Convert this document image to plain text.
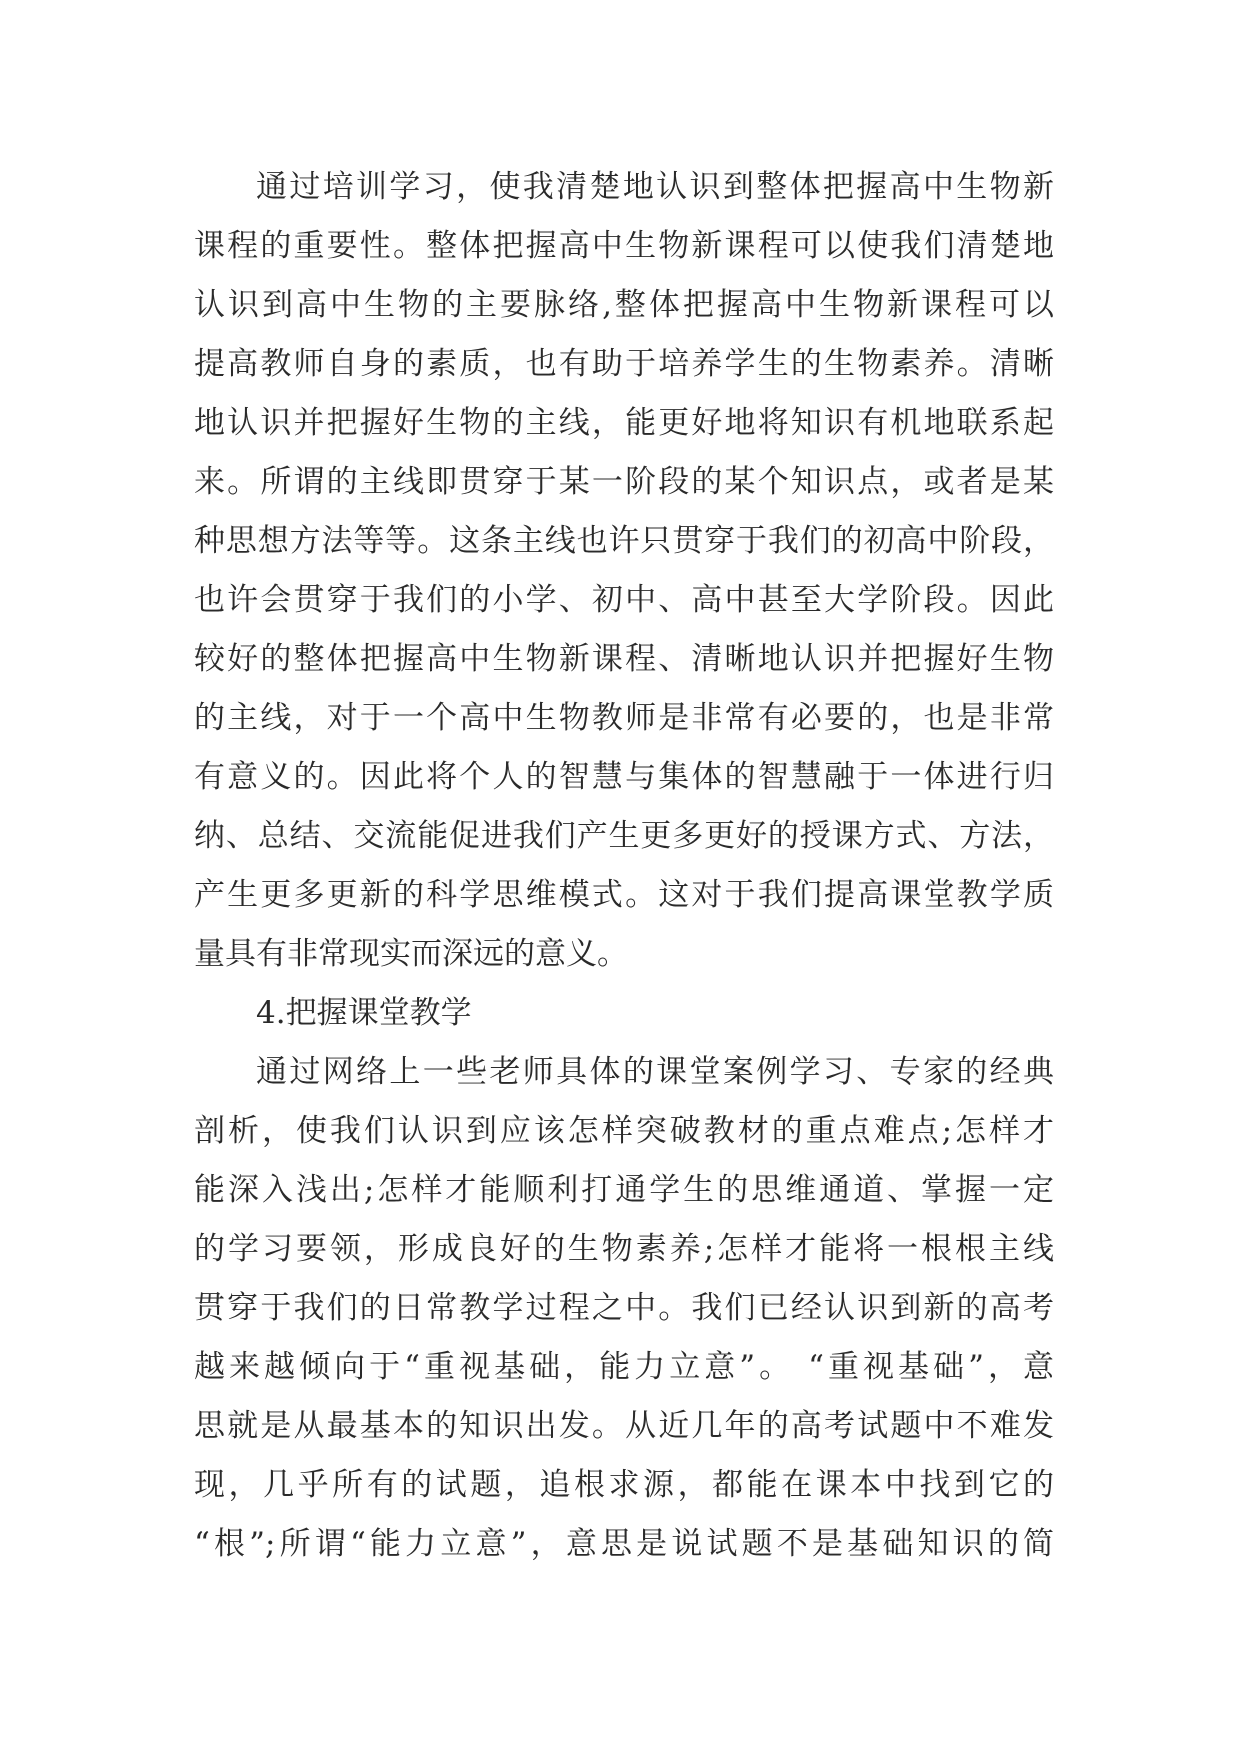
通过培训学习，使我清楚地认识到整体把握高中生物新
课程的重要性。整体把握高中生物新课程可以使我们清楚地
认识到高中生物的主要脉络,整体把握高中生物新课程可以
提高教师自身的素质，也有助于培养学生的生物素养。清晰
地认识并把握好生物的主线，能更好地将知识有机地联系起
来。所谓的主线即贯穿于某一阶段的某个知识点，或者是某
种思想方法等等。这条主线也许只贯穿于我们的初高中阶段，
也许会贯穿于我们的小学、初中、高中甚至大学阶段。因此
较好的整体把握高中生物新课程、清晰地认识并把握好生物
的主线，对于一个高中生物教师是非常有必要的，也是非常
有意义的。因此将个人的智慧与集体的智慧融于一体进行归
纳、总结、交流能促进我们产生更多更好的授课方式、方法，
产生更多更新的科学思维模式。这对于我们提高课堂教学质
量具有非常现实而深远的意义。
4.把握课堂教学
通过网络上一些老师具体的课堂案例学习、专家的经典
剖析，使我们认识到应该怎样突破教材的重点难点;怎样才
能深入浅出;怎样才能顺利打通学生的思维通道、掌握一定
的学习要领，形成良好的生物素养;怎样才能将一根根主线
贯穿于我们的日常教学过程之中。我们已经认识到新的高考
越来越倾向于“重视基础，能力立意”。 “重视基础”，意
思就是从最基本的知识出发。从近几年的高考试题中不难发
现，几乎所有的试题，追根求源，都能在课本中找到它的
“根”;所谓“能力立意”，意思是说试题不是基础知识的简
